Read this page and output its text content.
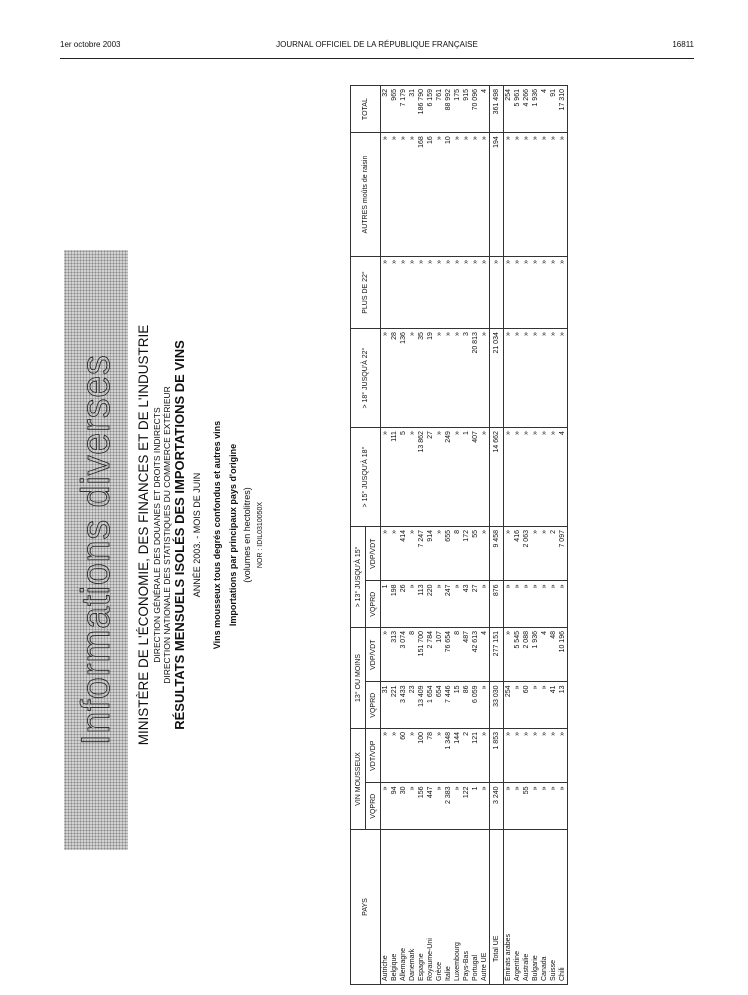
1er octobre 2003	JOURNAL OFFICIEL DE LA RÉPUBLIQUE FRANÇAISE	16811
Informations diverses MINISTÈRE DE L'ÉCONOMIE, DES FINANCES ET DE L'INDUSTRIE DIRECTION GÉNÉRALE DES DOUANES ET DROITS INDIRECTS DIRECTION NATIONALE DES STATISTIQUES DU COMMERCE EXTÉRIEUR RÉSULTATS MENSUELS ISOLÉS DES IMPORTATIONS DE VINS ANNÉE 2003. - MOIS DE JUIN Vins mousseux tous degrés confondus et autres vins Importations par principaux pays d'origine (volumes en hectolitres) NOR : IDIL0310050X
PAYS	VIN MOUSSEUX		13° OU MOINS		> 13° JUSQU'À 15°		> 15° JUSQU'À 18°	> 18° JUSQU'À 22°	PLUS DE 22°	AUTRES moûts de raisin	TOTAL
	VQPRD	VDT/VDP	VQPRD	VDP/VDT	VQPRD	VDP/VDT					
Autriche	»	»	31	»	1	»	»	»	»	»	32
Belgique	94	»	221	313	198	»	111	28	»	»	965
Allemagne	30	60	3 433	3 074	26	414	5	136	»	»	7 179
Danemark	»	»	23	8	»	»	»	»	»	»	31
Espagne	156	100	13 409	151 700	113	7 247	13 862	35	»	168	186 790
Royaume-Uni	447	78	1 654	2 784	220	914	27	19	»	16	6 159
Grèce	»	»	654	107	»	»	»	»	»	»	761
Italie	2 383	1 348	7 446	76 654	247	655	249	»	»	10	88 992
Luxembourg	»	144	15	8	»	8	»	»	»	»	175
Pays-Bas	122	2	86	487	43	172	1	3	»	»	915
Portugal	1	121	6 059	42 613	27	55	407	20 813	»	»	70 096
Autre UE	»	»	»	4	»	»	»	»	»	»	4
Total UE	3 240	1 853	33 030	277 151	876	9 458	14 662	21 034	»	194	361 498
Émirats arabes	»	»	254	»	»	»	»	»	»	»	254
Argentine	»	»	»	5 545	»	416	»	»	»	»	5 961
Australie	55	»	60	2 088	»	2 063	»	»	»	»	4 266
Bulgarie	»	»	»	1 936	»	»	»	»	»	»	1 936
Canada	»	»	»	4	»	»	»	»	»	»	4
Suisse	»	»	41	48	»	2	»	»	»	»	91
Chili	»	»	13	10 196	»	7 097	4	»	»	»	17 310
